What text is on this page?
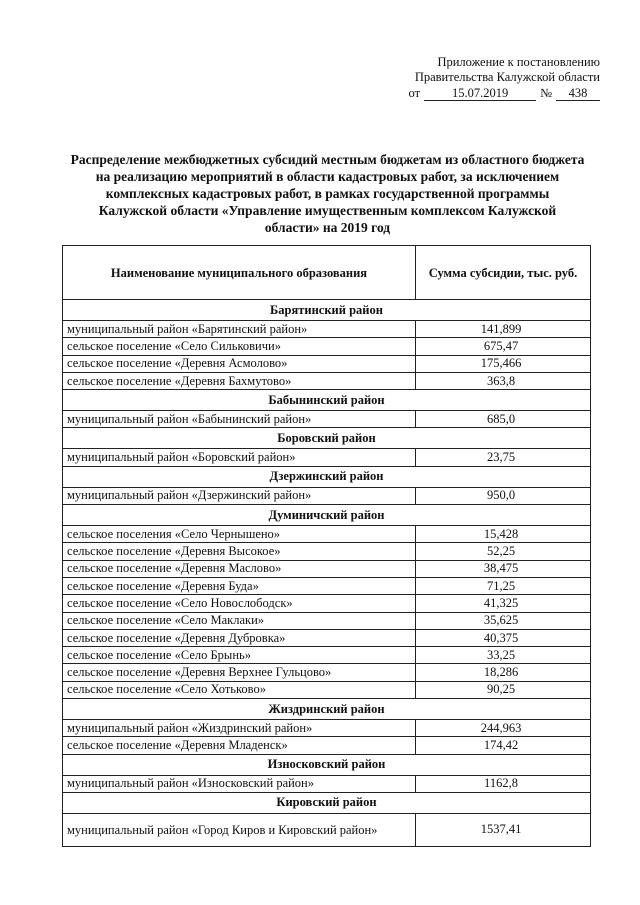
Приложение к постановлению
Правительства Калужской области
от	15.07.2019	№	438
Распределение межбюджетных субсидий местным бюджетам из областного бюджета на реализацию мероприятий в области кадастровых работ, за исключением комплексных кадастровых работ, в рамках государственной программы Калужской области «Управление имущественным комплексом Калужской области» на 2019 год
Наименование муниципального образования	Сумма субсидии, тыс. руб.
Барятинский район	
муниципальный район «Барятинский район»	141,899
сельское поселение «Село Сильковичи»	675,47
сельское поселение «Деревня Асмолово»	175,466
сельское поселение «Деревня Бахмутово»	363,8
Бабынинский район	
муниципальный район «Бабынинский район»	685,0
Боровский район	
муниципальный район «Боровский район»	23,75
Дзержинский район	
муниципальный район «Дзержинский район»	950,0
Думиничский район	
сельское поселения «Село Чернышено»	15,428
сельское поселение «Деревня Высокое»	52,25
сельское поселение «Деревня Маслово»	38,475
сельское поселение «Деревня Буда»	71,25
сельское поселение «Село Новослободск»	41,325
сельское поселение «Село Маклаки»	35,625
сельское поселение «Деревня Дубровка»	40,375
сельское поселение «Село Брынь»	33,25
сельское поселение «Деревня Верхнее Гульцово»	18,286
сельское поселение «Село Хотьково»	90,25
Жиздринский район	
муниципальный район «Жиздринский район»	244,963
сельское поселение «Деревня Младенск»	174,42
Износковский район	
муниципальный район «Износковский район»	1162,8
Кировский район	
муниципальный район «Город Киров и Кировский район»	1537,41
